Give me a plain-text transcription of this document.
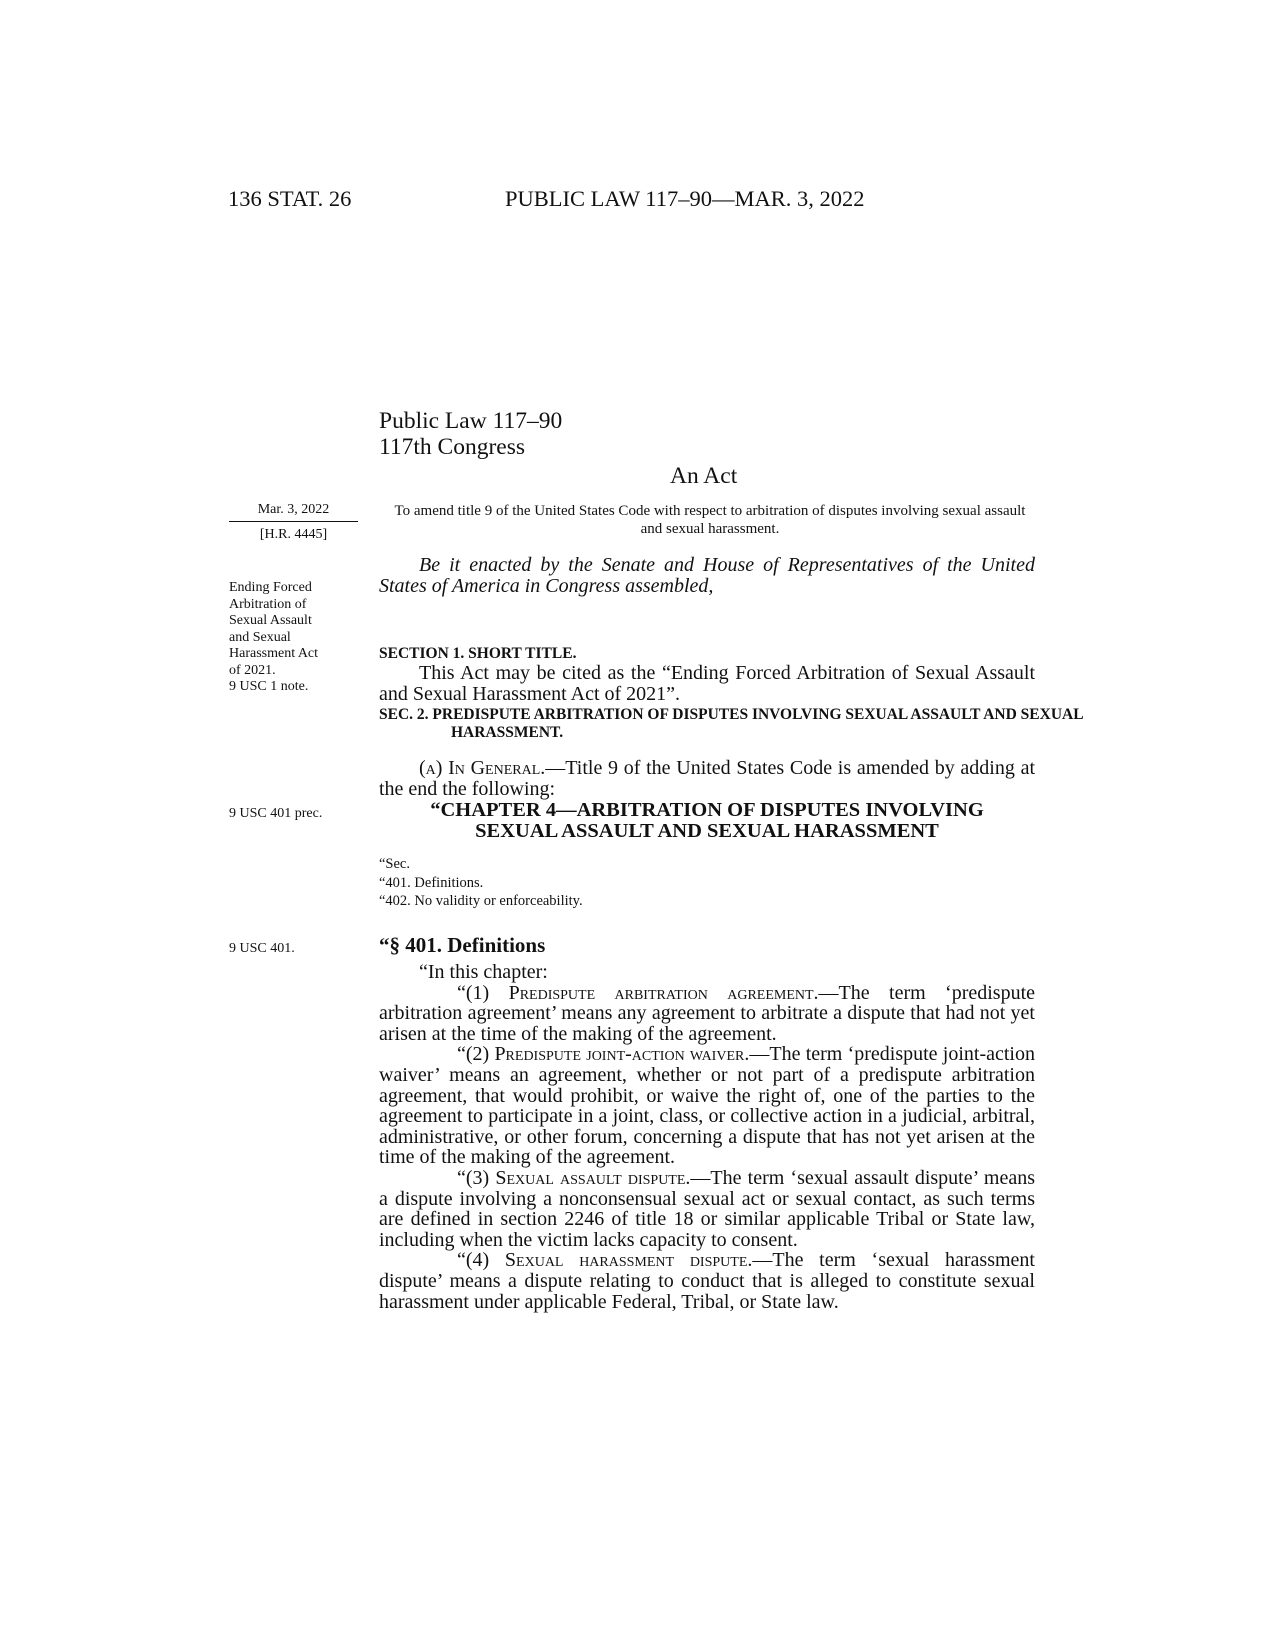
136 STAT. 26	PUBLIC LAW 117–90—MAR. 3, 2022
Public Law 117–90
117th Congress
An Act
Mar. 3, 2022
[H.R. 4445]
Ending Forced
Arbitration of
Sexual Assault
and Sexual
Harassment Act
of 2021.
9 USC 1 note.
9 USC 401 prec.
9 USC 401.
To amend title 9 of the United States Code with respect to arbitration of disputes involving sexual assault and sexual harassment.
Be it enacted by the Senate and House of Representatives of the United States of America in Congress assembled,
SECTION 1. SHORT TITLE.
This Act may be cited as the “Ending Forced Arbitration of Sexual Assault and Sexual Harassment Act of 2021”.
SEC. 2. PREDISPUTE ARBITRATION OF DISPUTES INVOLVING SEXUAL ASSAULT AND SEXUAL HARASSMENT.
(a) In General.—Title 9 of the United States Code is amended by adding at the end the following:
“CHAPTER 4—ARBITRATION OF DISPUTES INVOLVING
SEXUAL ASSAULT AND SEXUAL HARASSMENT
“Sec.
“401. Definitions.
“402. No validity or enforceability.
“§ 401. Definitions

“In this chapter:

“(1) Predispute arbitration agreement.—The term ‘predispute arbitration agreement’ means any agreement to arbitrate a dispute that had not yet arisen at the time of the making of the agreement.

“(2) Predispute joint-action waiver.—The term ‘predispute joint-action waiver’ means an agreement, whether or not part of a predispute arbitration agreement, that would prohibit, or waive the right of, one of the parties to the agreement to participate in a joint, class, or collective action in a judicial, arbitral, administrative, or other forum, concerning a dispute that has not yet arisen at the time of the making of the agreement.

“(3) Sexual assault dispute.—The term ‘sexual assault dispute’ means a dispute involving a nonconsensual sexual act or sexual contact, as such terms are defined in section 2246 of title 18 or similar applicable Tribal or State law, including when the victim lacks capacity to consent.

“(4) Sexual harassment dispute.—The term ‘sexual harassment dispute’ means a dispute relating to conduct that is alleged to constitute sexual harassment under applicable Federal, Tribal, or State law.
